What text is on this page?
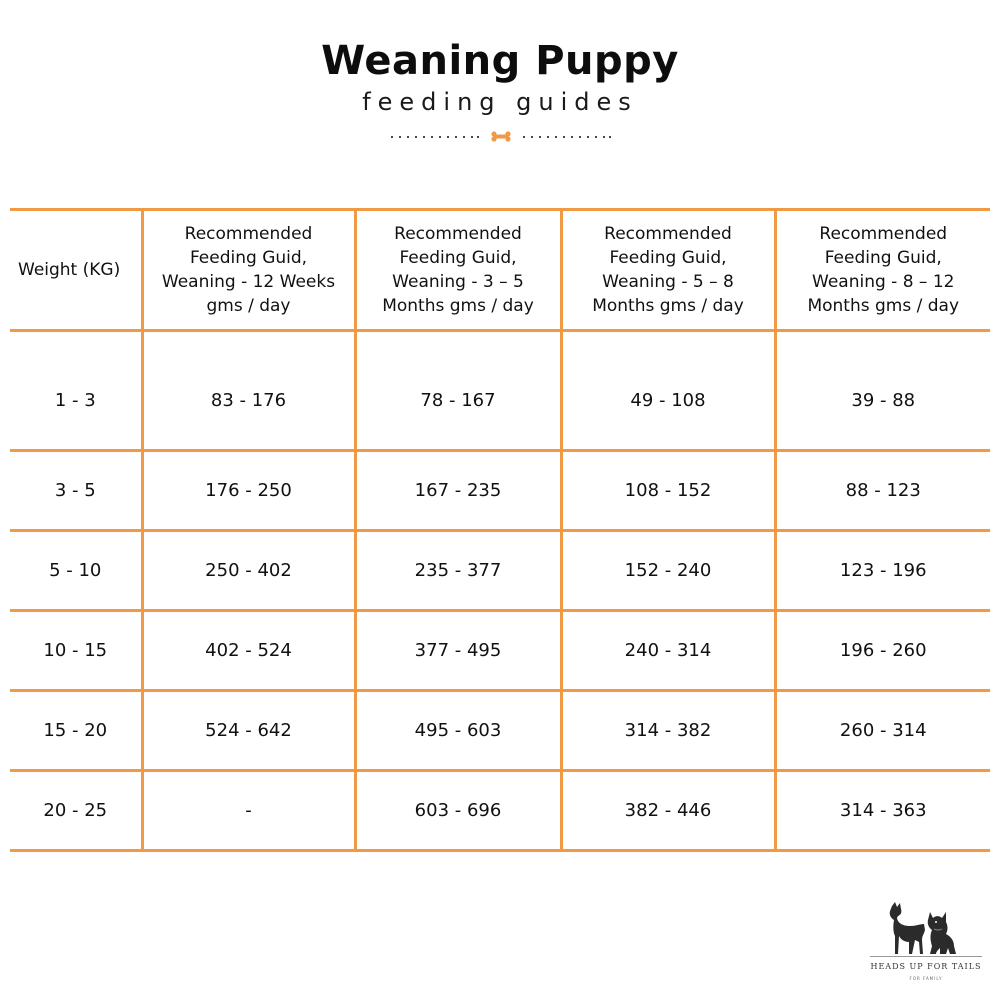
Weaning Puppy
feeding guides
Weight (KG)	Recommended
Feeding Guid,
Weaning - 12 Weeks
gms / day	Recommended
Feeding Guid,
Weaning - 3 – 5
Months gms / day	Recommended
Feeding Guid,
Weaning - 5 – 8
Months gms / day	Recommended
Feeding Guid,
Weaning - 8 – 12
Months gms / day

1 - 3	83 - 176	78 - 167	49 - 108	39 - 88
3 - 5	176 - 250	167 - 235	108 - 152	88 - 123
5 - 10	250 - 402	235 - 377	152 - 240	123 - 196
10 - 15	402 - 524	377 - 495	240 - 314	196 - 260
15 - 20	524 - 642	495 - 603	314 - 382	260 - 314
20 - 25	-	603 - 696	382 - 446	314 - 363
HEADS UP FOR TAILS
FOR FAMILY
